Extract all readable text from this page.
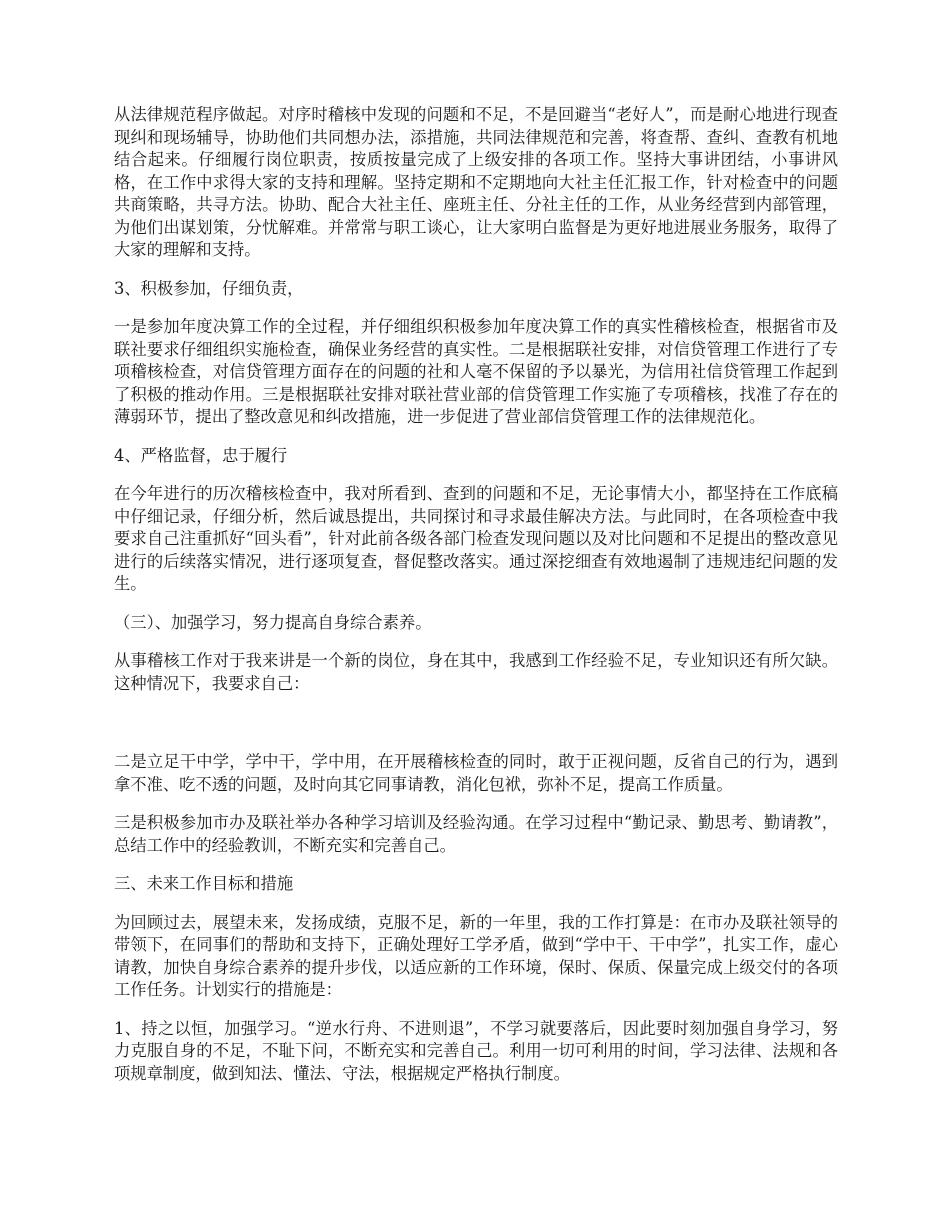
从法律规范程序做起。对序时稽核中发现的问题和不足，不是回避当“老好人”，而是耐心地进行现查现纠和现场辅导，协助他们共同想办法，添措施，共同法律规范和完善，将查帮、查纠、查教有机地结合起来。仔细履行岗位职责，按质按量完成了上级安排的各项工作。坚持大事讲团结，小事讲风格，在工作中求得大家的支持和理解。坚持定期和不定期地向大社主任汇报工作，针对检查中的问题共商策略，共寻方法。协助、配合大社主任、座班主任、分社主任的工作，从业务经营到内部管理，为他们出谋划策，分忧解难。并常常与职工谈心，让大家明白监督是为更好地进展业务服务，取得了大家的理解和支持。

3、积极参加，仔细负责，

一是参加年度决算工作的全过程，并仔细组织积极参加年度决算工作的真实性稽核检查，根据省市及联社要求仔细组织实施检查，确保业务经营的真实性。二是根据联社安排，对信贷管理工作进行了专项稽核检查，对信贷管理方面存在的问题的社和人毫不保留的予以暴光，为信用社信贷管理工作起到了积极的推动作用。三是根据联社安排对联社营业部的信贷管理工作实施了专项稽核，找准了存在的薄弱环节，提出了整改意见和纠改措施，进一步促进了营业部信贷管理工作的法律规范化。

4、严格监督，忠于履行

在今年进行的历次稽核检查中，我对所看到、查到的问题和不足，无论事情大小，都坚持在工作底稿中仔细记录，仔细分析，然后诚恳提出，共同探讨和寻求最佳解决方法。与此同时，在各项检查中我要求自己注重抓好“回头看”，针对此前各级各部门检查发现问题以及对比问题和不足提出的整改意见进行的后续落实情况，进行逐项复查，督促整改落实。通过深挖细查有效地遏制了违规违纪问题的发生。

（三）、加强学习，努力提高自身综合素养。

从事稽核工作对于我来讲是一个新的岗位，身在其中，我感到工作经验不足，专业知识还有所欠缺。这种情况下，我要求自己：

二是立足干中学，学中干，学中用，在开展稽核检查的同时，敢于正视问题，反省自己的行为，遇到拿不准、吃不透的问题，及时向其它同事请教，消化包袱，弥补不足，提高工作质量。

三是积极参加市办及联社举办各种学习培训及经验沟通。在学习过程中“勤记录、勤思考、勤请教”，总结工作中的经验教训，不断充实和完善自己。

三、未来工作目标和措施

为回顾过去，展望未来，发扬成绩，克服不足，新的一年里，我的工作打算是：在市办及联社领导的带领下，在同事们的帮助和支持下，正确处理好工学矛盾，做到“学中干、干中学”，扎实工作，虚心请教，加快自身综合素养的提升步伐，以适应新的工作环境，保时、保质、保量完成上级交付的各项工作任务。计划实行的措施是：

1、持之以恒，加强学习。“逆水行舟、不进则退”，不学习就要落后，因此要时刻加强自身学习，努力克服自身的不足，不耻下问，不断充实和完善自己。利用一切可利用的时间，学习法律、法规和各项规章制度，做到知法、懂法、守法，根据规定严格执行制度。
